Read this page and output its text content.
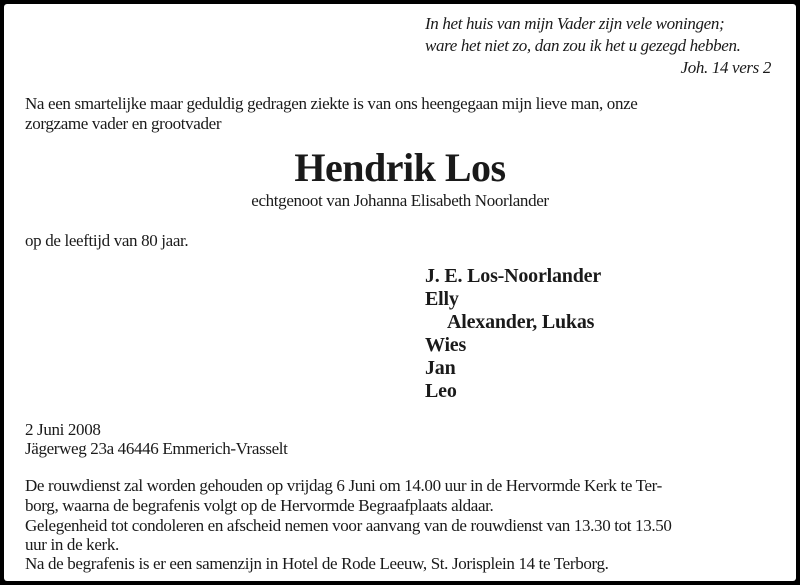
In het huis van mijn Vader zijn vele woningen;
ware het niet zo, dan zou ik het u gezegd hebben.
Joh. 14 vers 2
Na een smartelijke maar geduldig gedragen ziekte is van ons heengegaan mijn lieve man, onze
zorgzame vader en grootvader
Hendrik Los
echtgenoot van Johanna Elisabeth Noorlander
op de leeftijd van 80 jaar.
J. E. Los-Noorlander
Elly
Alexander, Lukas
Wies
Jan
Leo
2 Juni 2008
Jägerweg 23a 46446 Emmerich-Vrasselt
De rouwdienst zal worden gehouden op vrijdag 6 Juni om 14.00 uur in de Hervormde Kerk te Ter-
borg, waarna de begrafenis volgt op de Hervormde Begraafplaats aldaar.
Gelegenheid tot condoleren en afscheid nemen voor aanvang van de rouwdienst van 13.30 tot 13.50
uur in de kerk.
Na de begrafenis is er een samenzijn in Hotel de Rode Leeuw, St. Jorisplein 14 te Terborg.
